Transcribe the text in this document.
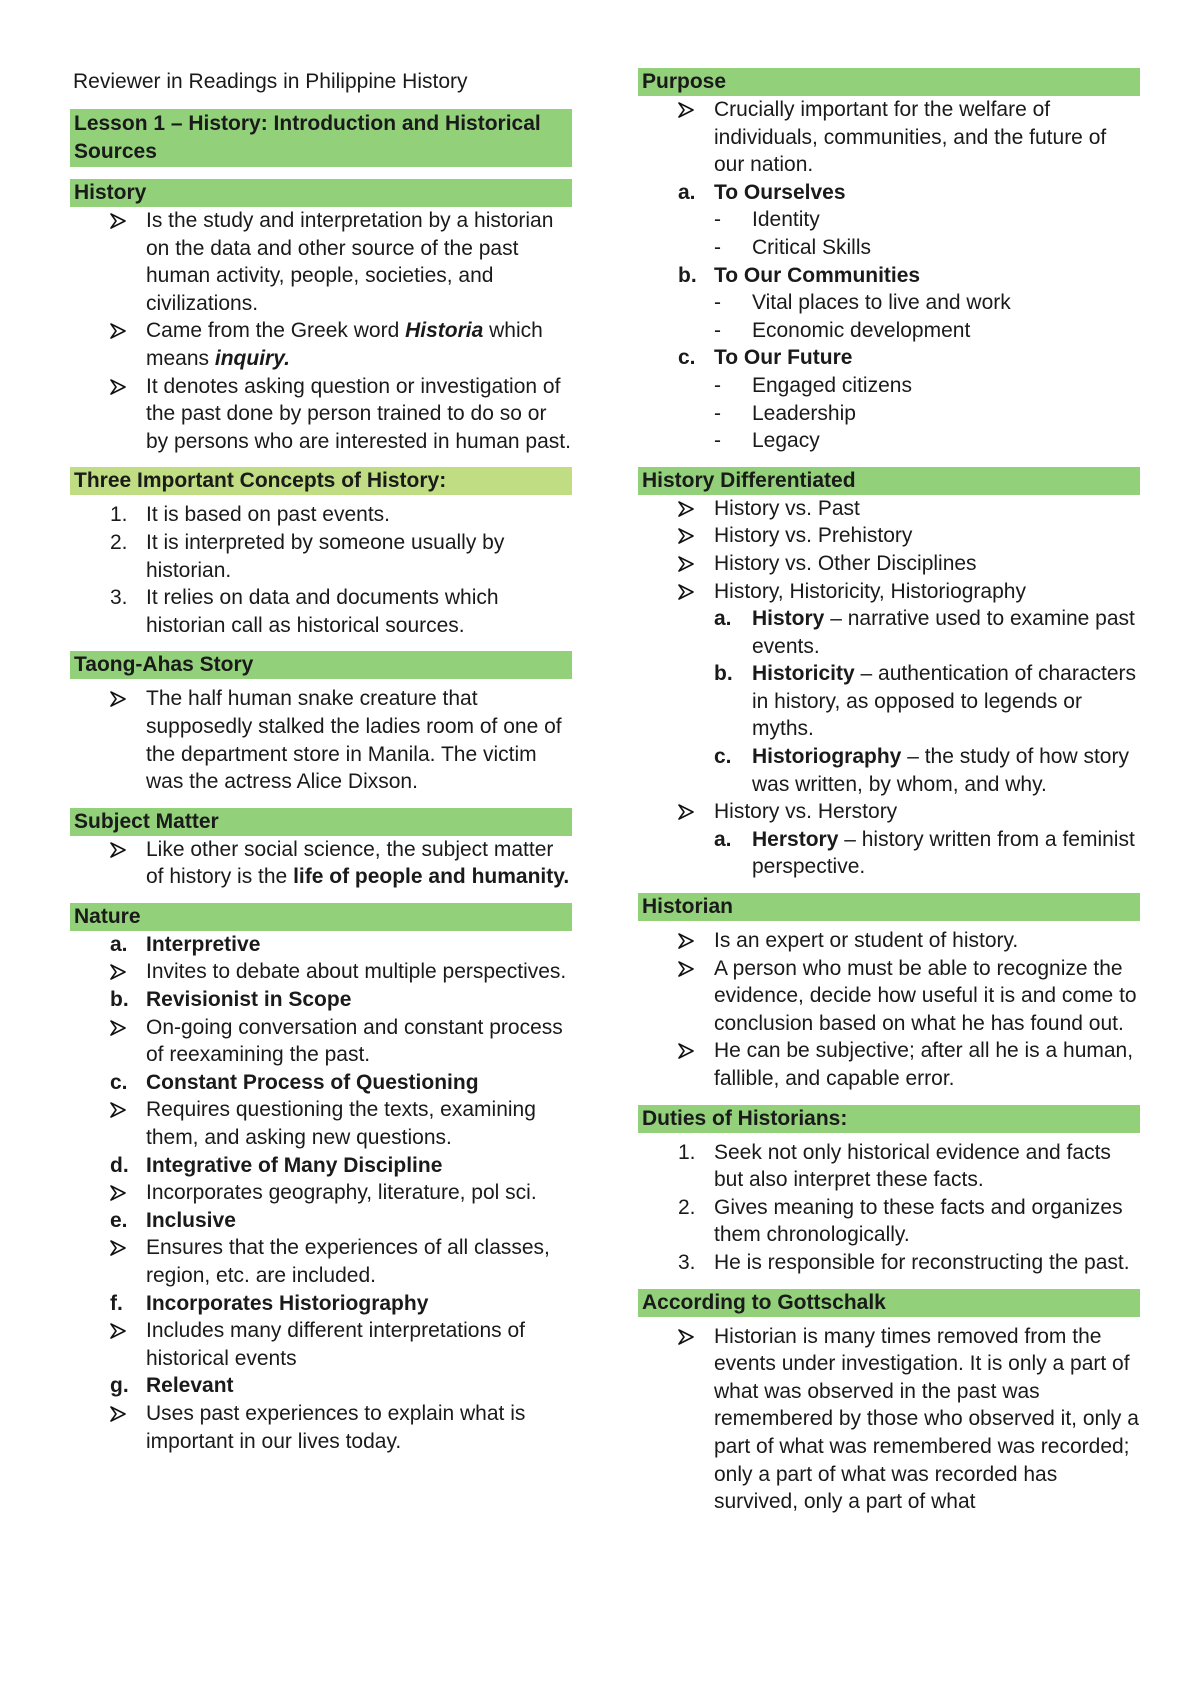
Reviewer in Readings in Philippine History
Lesson 1 – History: Introduction and Historical Sources
History
Is the study and interpretation by a historian on the data and other source of the past human activity, people, societies, and civilizations.
Came from the Greek word Historia which means inquiry.
It denotes asking question or investigation of the past done by person trained to do so or by persons who are interested in human past.
Three Important Concepts of History:
1. It is based on past events.
2. It is interpreted by someone usually by historian.
3. It relies on data and documents which historian call as historical sources.
Taong-Ahas Story
The half human snake creature that supposedly stalked the ladies room of one of the department store in Manila. The victim was the actress Alice Dixson.
Subject Matter
Like other social science, the subject matter of history is the life of people and humanity.
Nature
a. Interpretive
Invites to debate about multiple perspectives.
b. Revisionist in Scope
On-going conversation and constant process of reexamining the past.
c. Constant Process of Questioning
Requires questioning the texts, examining them, and asking new questions.
d. Integrative of Many Discipline
Incorporates geography, literature, pol sci.
e. Inclusive
Ensures that the experiences of all classes, region, etc. are included.
f.	Incorporates Historiography
Includes many different interpretations of historical events
g. Relevant
Uses past experiences to explain what is important in our lives today.
Purpose
Crucially important for the welfare of individuals, communities, and the future of our nation.
a. To Ourselves
-	Identity
-	Critical Skills
b. To Our Communities
-	Vital places to live and work
-	Economic development
c. To Our Future
-	Engaged citizens
-	Leadership
-	Legacy
History Differentiated
History vs. Past
History vs. Prehistory
History vs. Other Disciplines
History, Historicity, Historiography
a. History – narrative used to examine past events.
b. Historicity – authentication of characters in history, as opposed to legends or myths.
c. Historiography – the study of how story was written, by whom, and why.
History vs. Herstory
a. Herstory – history written from a feminist perspective.
Historian
Is an expert or student of history.
A person who must be able to recognize the evidence, decide how useful it is and come to conclusion based on what he has found out.
He can be subjective; after all he is a human, fallible, and capable error.
Duties of Historians:
1. Seek not only historical evidence and facts but also interpret these facts.
2. Gives meaning to these facts and organizes them chronologically.
3. He is responsible for reconstructing the past.
According to Gottschalk
Historian is many times removed from the events under investigation. It is only a part of what was observed in the past was remembered by those who observed it, only a part of what was remembered was recorded; only a part of what was recorded has survived, only a part of what
